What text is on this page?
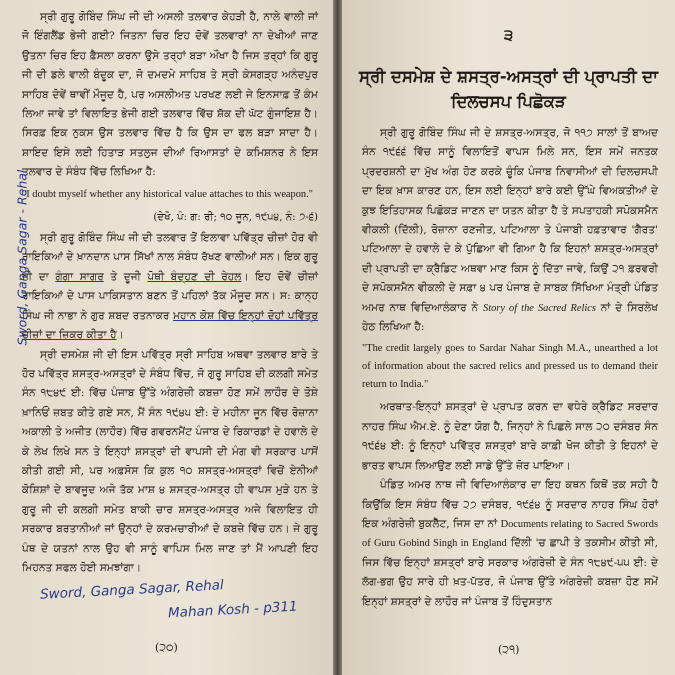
ਸ੍ਰੀ ਗੁਰੂ ਗੋਬਿੰਦ ਸਿੰਘ ਜੀ ਦੀ ਅਸਲੀ ਤਲਵਾਰ ਕੇਹੜੀ ਹੈ, ਨਾਲੇ ਵਾਲੀ ਜਾਂ ਜੋ ਇੰਗਲੈਂਡ ਭੇਜੀ ਗਈ? ਜਿਤਨਾ ਚਿਰ ਇਹ ਦੋਵੇਂ ਤਲਵਾਰਾਂ ਨਾ ਦੇਖੀਆਂ ਜਾਣ ਉਤਨਾ ਚਿਰ ਇਹ ਫ਼ੈਸਲਾ ਕਰਨਾ ਉਸੇ ਤਰ੍ਹਾਂ ਬੜਾ ਔਖਾ ਹੈ ਜਿਸ ਤਰ੍ਹਾਂ ਕਿ ਗੁਰੂ ਜੀ ਦੀ ਡਲੇ ਵਾਲੀ ਬੰਦੂਕ ਦਾ, ਜੋ ਦਮਦਮੇ ਸਾਹਿਬ ਤੇ ਸ੍ਰੀ ਕੇਸਗੜ੍ਹ ਅਨੰਦਪੁਰ ਸਾਹਿਬ ਦੋਵੇਂ ਥਾਵੀਂ ਮੌਜੂਦ ਹੈ, ਪਰ ਅਸਲੀਅਤ ਪਰਖਣ ਲਈ ਜੇ ਇਨਸਾਫ਼ ਤੋਂ ਕੰਮ ਲਿਆ ਜਾਵੇ ਤਾਂ ਵਿਲਾਇਤ ਭੇਜੀ ਗਈ ਤਲਵਾਰ ਵਿੱਚ ਸ਼ੱਕ ਦੀ ਘੱਟ ਗੁੰਜਾਇਸ਼ ਹੈ। ਸਿਰਫ਼ ਇਕ ਨੁਕਸ ਉਸ ਤਲਵਾਰ ਵਿੱਚ ਹੈ ਕਿ ਉਸ ਦਾ ਫਲ ਬੜਾ ਸਾਦਾ ਹੈ। ਸ਼ਾਇਦ ਇਸੇ ਲਈ ਹਿਤਾੜ ਸਤਲੁਜ ਦੀਆਂ ਰਿਆਸਤਾਂ ਦੇ ਕਮਿਸ਼ਨਰ ਨੇ ਇਸ ਤਲਵਾਰ ਦੇ ਸੰਬੰਧ ਵਿੱਚ ਲਿਖਿਆ ਹੈ:

"I doubt myself whether any historical value attaches to this weapon."

(ਦੇਖੋ, ਪੰ: ਗ: ਰੀ; ੧੦ ਜੂਨ, ੧੯੫੪, ਨੰ: ੭-੬)

ਸ੍ਰੀ ਗੁਰੂ ਗੋਬਿੰਦ ਸਿੰਘ ਜੀ ਦੀ ਤਲਵਾਰ ਤੋਂ ਇਲਾਵਾ ਪਵਿੱਤ੍ਰ ਚੀਜ਼ਾਂ ਹੋਰ ਵੀ ਰਾਇਕਿਆਂ ਦੇ ਖ਼ਾਨਦਾਨ ਪਾਸ ਸਿੱਖਾਂ ਨਾਲ ਸੰਬੰਧ ਰੱਖਣ ਵਾਲੀਆਂ ਸਨ। ਇਕ ਗੁਰੂ ਜੀ ਦਾ ਗੰਗਾ ਸਾਗਰ ਤੇ ਦੂਜੀ ਪੋਥੀ ਬੰਦ੍ਹਣ ਦੀ ਰੇਹਲ। ਇਹ ਦੋਵੇਂ ਚੀਜ਼ਾਂ ਰਾਇਕਿਆਂ ਦੇ ਪਾਸ ਪਾਕਿਸਤਾਨ ਬਣਨ ਤੋਂ ਪਹਿਲਾਂ ਤੱਕ ਮੌਜੂਦ ਸਨ। ਸ: ਕਾਨ੍ਹ ਸਿੰਘ ਜੀ ਨਾਭਾ ਨੇ ਗੁਰ ਸ਼ਬਦ ਰਤਨਾਕਰ ਮਹਾਨ ਕੋਸ਼ ਵਿੱਚ ਇਨ੍ਹਾਂ ਦੋਹਾਂ ਪਵਿੱਤ੍ਰ ਚੀਜ਼ਾਂ ਦਾ ਜ਼ਿਕਰ ਕੀਤਾ ਹੈ।

ਸ੍ਰੀ ਦਸਮੇਸ਼ ਜੀ ਦੀ ਇਸ ਪਵਿੱਤ੍ਰ ਸ੍ਰੀ ਸਾਹਿਬ ਅਥਵਾ ਤਲਵਾਰ ਬਾਰੇ ਤੇ ਹੋਰ ਪਵਿੱਤ੍ਰ ਸ਼ਸਤ੍ਰ-ਅਸਤ੍ਰਾਂ ਦੇ ਸੰਬੰਧ ਵਿੱਚ, ਜੋ ਗੁਰੂ ਸਾਹਿਬ ਦੀ ਕਲਗੀ ਸਮੇਤ ਸੰਨ ੧੮੪੯ ਈ: ਵਿੱਚ ਪੰਜਾਬ ਉੱਤੇ ਅੰਗਰੇਜ਼ੀ ਕਬਜ਼ਾ ਹੋਣ ਸਮੇਂ ਲਾਹੌਰ ਦੇ ਤੋਸ਼ੇ ਖ਼ਾਨਿਓਂ ਜ਼ਬਤ ਕੀਤੇ ਗਏ ਸਨ, ਮੈਂ ਸੰਨ ੧੯੪੫ ਈ: ਦੇ ਮਹੀਨਾ ਜੂਨ ਵਿੱਚ ਰੋਜ਼ਾਨਾ ਅਕਾਲੀ ਤੇ ਅਜੀਤ (ਲਾਹੌਰ) ਵਿੱਚ ਗਵਰਨਮੈਂਟ ਪੰਜਾਬ ਦੇ ਰਿਕਾਰਡਾਂ ਦੇ ਹਵਾਲੇ ਦੇ ਕੇ ਲੇਖ ਲਿਖੇ ਸਨ ਤੇ ਇਨ੍ਹਾਂ ਸ਼ਸਤ੍ਰਾਂ ਦੀ ਵਾਪਸੀ ਦੀ ਮੰਗ ਵੀ ਸਰਕਾਰ ਪਾਸੋਂ ਕੀਤੀ ਗਈ ਸੀ, ਪਰ ਅਫ਼ਸੋਸ ਕਿ ਕੁਲ ੧੦ ਸ਼ਸਤ੍ਰ-ਅਸਤ੍ਰਾਂ ਵਿਚੋਂ ਏਨੀਆਂ ਕੋਸ਼ਿਸ਼ਾਂ ਦੇ ਬਾਵਜੂਦ ਅਜੇ ਤੱਕ ਮਾਸ਼ ੪ ਸ਼ਸਤ੍ਰ-ਅਸਤ੍ਰ ਹੀ ਵਾਪਸ ਮੁੜੇ ਹਨ ਤੇ ਗੁਰੂ ਜੀ ਦੀ ਕਲਗੀ ਸਮੇਤ ਬਾਕੀ ਚਾਰ ਸ਼ਸਤ੍ਰ-ਅਸਤ੍ਰ ਅਜੇ ਵਿਲਾਇਤ ਹੀ ਸਰਕਾਰ ਬਰਤਾਨੀਆਂ ਜਾਂ ਉਨ੍ਹਾਂ ਦੇ ਕਰਮਚਾਰੀਆਂ ਦੇ ਕਬਜ਼ੇ ਵਿੱਚ ਹਨ। ਜੇ ਗੁਰੂ ਪੰਥ ਦੇ ਯਤਨਾਂ ਨਾਲ ਉਹ ਵੀ ਸਾਨੂੰ ਵਾਪਿਸ ਮਿਲ ਜਾਣ ਤਾਂ ਮੈਂ ਆਪਣੀ ਇਹ ਮਿਹਨਤ ਸਫਲ ਹੋਈ ਸਮਝਾਂਗਾ।

Sword, Ganga Sagar - Rehal
Sword, Ganga Sagar, Rehal
Mahan Kosh - p311
(੨੦)
੩
ਸ੍ਰੀ ਦਸਮੇਸ਼ ਦੇ ਸ਼ਸਤ੍ਰ-ਅਸਤ੍ਰਾਂ ਦੀ ਪ੍ਰਾਪਤੀ ਦਾ ਦਿਲਚਸਪ ਪਿਛੋਕੜ

ਸ੍ਰੀ ਗੁਰੂ ਗੋਬਿੰਦ ਸਿੰਘ ਜੀ ਦੇ ਸ਼ਸਤ੍ਰ-ਅਸਤ੍ਰ, ਜੋ ੧੧੭ ਸਾਲਾਂ ਤੋਂ ਬਾਅਦ ਸੰਨ ੧੯੬੬ ਵਿੱਚ ਸਾਨੂੰ ਵਿਲਾਇਤੋਂ ਵਾਪਸ ਮਿਲੇ ਸਨ, ਇਸ ਸਮੇਂ ਜਨਤਕ ਪ੍ਰਦਰਸ਼ਨੀ ਦਾ ਮੁੱਖ ਅੰਗ ਹੋਣ ਕਰਕੇ ਚੂੰਕਿ ਪੰਜਾਬ ਨਿਵਾਸੀਆਂ ਦੀ ਦਿਲਚਸਪੀ ਦਾ ਇਕ ਖ਼ਾਸ ਕਾਰਣ ਹਨ, ਇਸ ਲਈ ਇਨ੍ਹਾਂ ਬਾਰੇ ਕਈ ਉੱਘੇ ਵਿਅਕਤੀਆਂ ਦੇ ਕੁਝ ਇਤਿਹਾਸਕ ਪਿਛੋਕੜ ਜਾਣਨ ਦਾ ਯਤਨ ਕੀਤਾ ਹੈ ਤੇ ਸਪਤਾਹਕੀ ਸਪੋਕਸਮੈਨ ਵੀਕਲੀ (ਦਿੱਲੀ), ਰੋਜ਼ਾਨਾ ਰਣਜੀਤ, ਪਟਿਆਲਾ ਤੇ ਪੰਜਾਬੀ ਹਫ਼ਤਾਵਾਰ 'ਗੈਰਤ' ਪਟਿਆਲਾ ਦੇ ਹਵਾਲੇ ਦੇ ਕੇ ਪੁੱਛਿਆ ਵੀ ਗਿਆ ਹੈ ਕਿ ਇਹਨਾਂ ਸ਼ਸਤ੍ਰ-ਅਸਤ੍ਰਾਂ ਦੀ ਪ੍ਰਾਪਤੀ ਦਾ ਕ੍ਰੈਡਿਟ ਅਥਵਾ ਮਾਣ ਕਿਸ ਨੂੰ ਦਿੱਤਾ ਜਾਵੇ, ਕਿਉਂ ੨੧ ਫ਼ਰਵਰੀ ਦੇ ਸਪੋਕਸਮੈਨ ਵੀਕਲੀ ਦੇ ਸਫ਼ਾ ੪ ਪਰ ਪੰਜਾਬ ਦੇ ਸਾਬਕ ਸਿੱਖਿਆ ਮੰਤ੍ਰੀ ਪੰਡਿਤ ਅਮਰ ਨਾਥ ਵਿਦਿਆਲੰਕਾਰ ਨੇ Story of the Sacred Relics ਨਾਂ ਦੇ ਸਿਰਲੇਖ ਹੇਠ ਲਿਖਿਆ ਹੈ:

"The credit largely goes to Sardar Nahar Singh M.A., unearthed a lot of information about the sacred relics and pressed us to demand their return to India."

ਅਰਥਾਤ-ਇਨ੍ਹਾਂ ਸ਼ਸਤ੍ਰਾਂ ਦੇ ਪ੍ਰਾਪਤ ਕਰਨ ਦਾ ਵਧੇਰੇ ਕ੍ਰੈਡਿਟ ਸਰਦਾਰ ਨਾਹਰ ਸਿੰਘ ਐਮ.ਏ. ਨੂੰ ਦੇਣਾ ਯੋਗ ਹੈ, ਜਿਨ੍ਹਾਂ ਨੇ ਪਿਛਲੇ ਸਾਲ ੨੦ ਦਸੰਬਰ ਸੰਨ ੧੯੬੪ ਈ: ਨੂੰ ਇਨ੍ਹਾਂ ਪਵਿੱਤ੍ਰ ਸ਼ਸਤ੍ਰਾਂ ਬਾਰੇ ਕਾਫ਼ੀ ਖੋਜ ਕੀਤੀ ਤੇ ਇਹਨਾਂ ਦੇ ਭਾਰਤ ਵਾਪਸ ਲਿਆਉਣ ਲਈ ਸਾਡੇ ਉੱਤੇ ਜ਼ੋਰ ਪਾਇਆ।

ਪੰਡਿਤ ਅਮਰ ਨਾਥ ਜੀ ਵਿਦਿਆਲੰਕਾਰ ਦਾ ਇਹ ਕਥਨ ਕਿਥੋਂ ਤਕ ਸਹੀ ਹੈ ਕਿਉਂਕਿ ਇਸ ਸੰਬੰਧ ਵਿੱਚ ੨੭ ਦਸੰਬਰ, ੧੯੬੪ ਨੂੰ ਸਰਦਾਰ ਨਾਹਰ ਸਿੰਘ ਹੋਰਾਂ ਇਕ ਅੰਗਰੇਜ਼ੀ ਬੁਕਲੈੱਟ, ਜਿਸ ਦਾ ਨਾਂ Documents relating to Sacred Swords of Guru Gobind Singh in England ਦਿੱਲੀ 'ਚ ਛਾਪੀ ਤੇ ਤਕਸੀਮ ਕੀਤੀ ਸੀ, ਜਿਸ ਵਿੱਚ ਇਨ੍ਹਾਂ ਸ਼ਸਤ੍ਰਾਂ ਬਾਰੇ ਸਰਕਾਰ ਅੰਗਰੇਜ਼ੀ ਦੇ ਸੰਨ ੧੮੪੯-੫੫ ਈ: ਦੇ ਲੱਗ-ਭਗ ਉਹ ਸਾਰੇ ਹੀ ਖ਼ਤ-ਪੱਤਰ, ਜੋ ਪੰਜਾਬ ਉੱਤੇ ਅੰਗਰੇਜ਼ੀ ਕਬਜ਼ਾ ਹੋਣ ਸਮੇਂ ਇਨ੍ਹਾਂ ਸ਼ਸਤ੍ਰਾਂ ਦੇ ਲਾਹੌਰ ਜਾਂ ਪੰਜਾਬ ਤੋਂ ਹਿੰਦੁਸਤਾਨ

(੨੧)
